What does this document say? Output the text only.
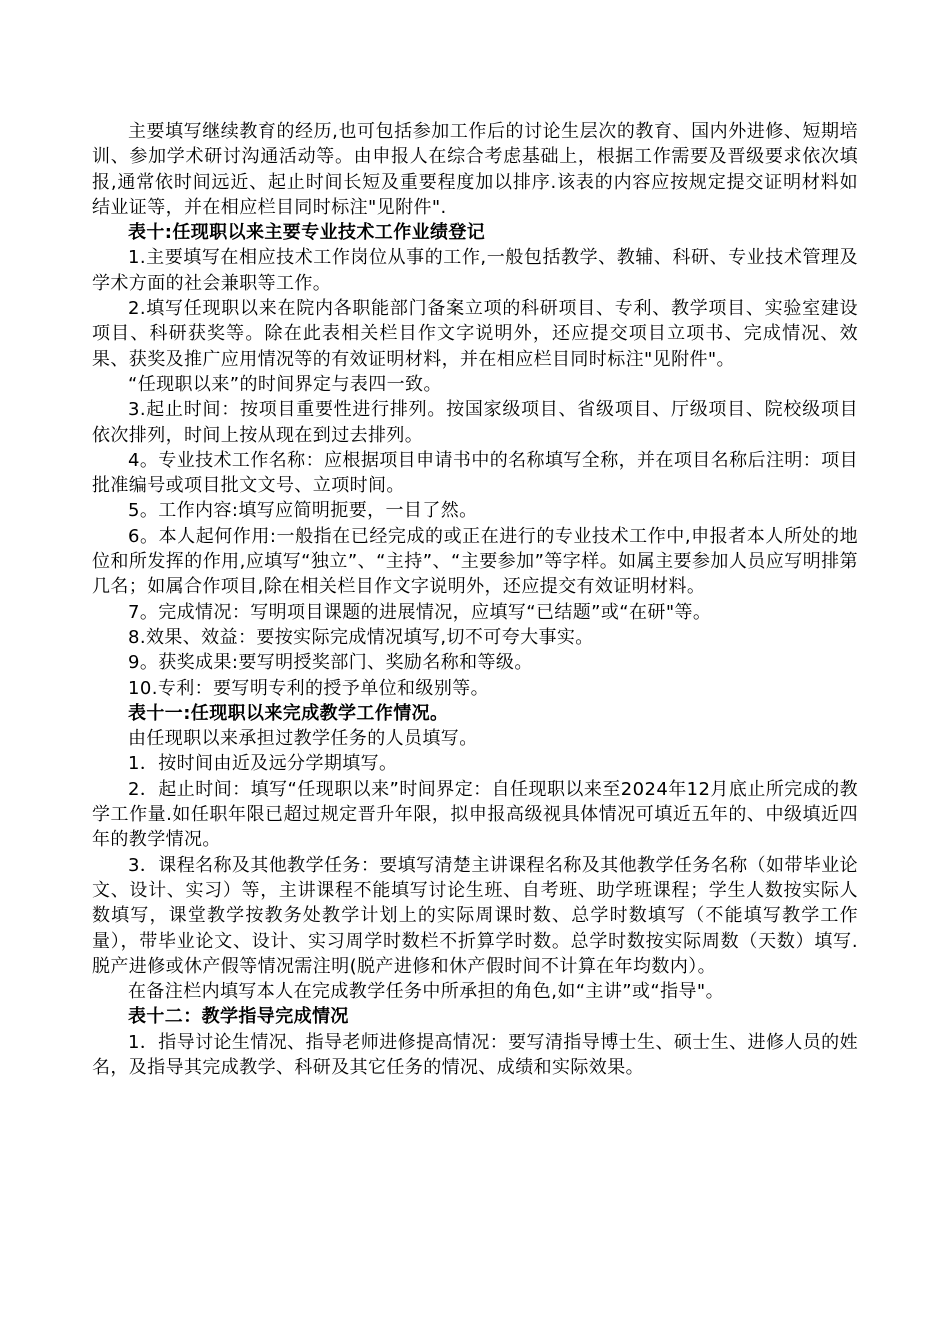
主要填写继续教育的经历,也可包括参加工作后的讨论生层次的教育、国内外进修、短期培训、参加学术研讨沟通活动等。由申报人在综合考虑基础上，根据工作需要及晋级要求依次填报,通常依时间远近、起止时间长短及重要程度加以排序.该表的内容应按规定提交证明材料如结业证等，并在相应栏目同时标注"见附件".

表十:任现职以来主要专业技术工作业绩登记

1.主要填写在相应技术工作岗位从事的工作,一般包括教学、教辅、科研、专业技术管理及学术方面的社会兼职等工作。

2.填写任现职以来在院内各职能部门备案立项的科研项目、专利、教学项目、实验室建设项目、科研获奖等。除在此表相关栏目作文字说明外，还应提交项目立项书、完成情况、效果、获奖及推广应用情况等的有效证明材料，并在相应栏目同时标注"见附件"。

“任现职以来”的时间界定与表四一致。

3.起止时间：按项目重要性进行排列。按国家级项目、省级项目、厅级项目、院校级项目依次排列，时间上按从现在到过去排列。

4。专业技术工作名称：应根据项目申请书中的名称填写全称，并在项目名称后注明：项目批准编号或项目批文文号、立项时间。

5。工作内容:填写应简明扼要，一目了然。

6。本人起何作用:一般指在已经完成的或正在进行的专业技术工作中,申报者本人所处的地位和所发挥的作用,应填写“独立”、“主持”、“主要参加”等字样。如属主要参加人员应写明排第几名；如属合作项目,除在相关栏目作文字说明外，还应提交有效证明材料。

7。完成情况：写明项目课题的进展情况，应填写“已结题”或“在研"等。

8.效果、效益：要按实际完成情况填写,切不可夸大事实。

9。获奖成果:要写明授奖部门、奖励名称和等级。

10.专利：要写明专利的授予单位和级别等。

表十一:任现职以来完成教学工作情况。

由任现职以来承担过教学任务的人员填写。

1．按时间由近及远分学期填写。

2．起止时间：填写“任现职以来”时间界定：自任现职以来至2024年12月底止所完成的教学工作量.如任职年限已超过规定晋升年限，拟申报高级视具体情况可填近五年的、中级填近四年的教学情况。

3．课程名称及其他教学任务：要填写清楚主讲课程名称及其他教学任务名称（如带毕业论文、设计、实习）等，主讲课程不能填写讨论生班、自考班、助学班课程；学生人数按实际人数填写，课堂教学按教务处教学计划上的实际周课时数、总学时数填写（不能填写教学工作量），带毕业论文、设计、实习周学时数栏不折算学时数。总学时数按实际周数（天数）填写.脱产进修或休产假等情况需注明(脱产进修和休产假时间不计算在年均数内）。

在备注栏内填写本人在完成教学任务中所承担的角色,如“主讲”或“指导"。

表十二：教学指导完成情况

1．指导讨论生情况、指导老师进修提高情况：要写清指导博士生、硕士生、进修人员的姓名，及指导其完成教学、科研及其它任务的情况、成绩和实际效果。
